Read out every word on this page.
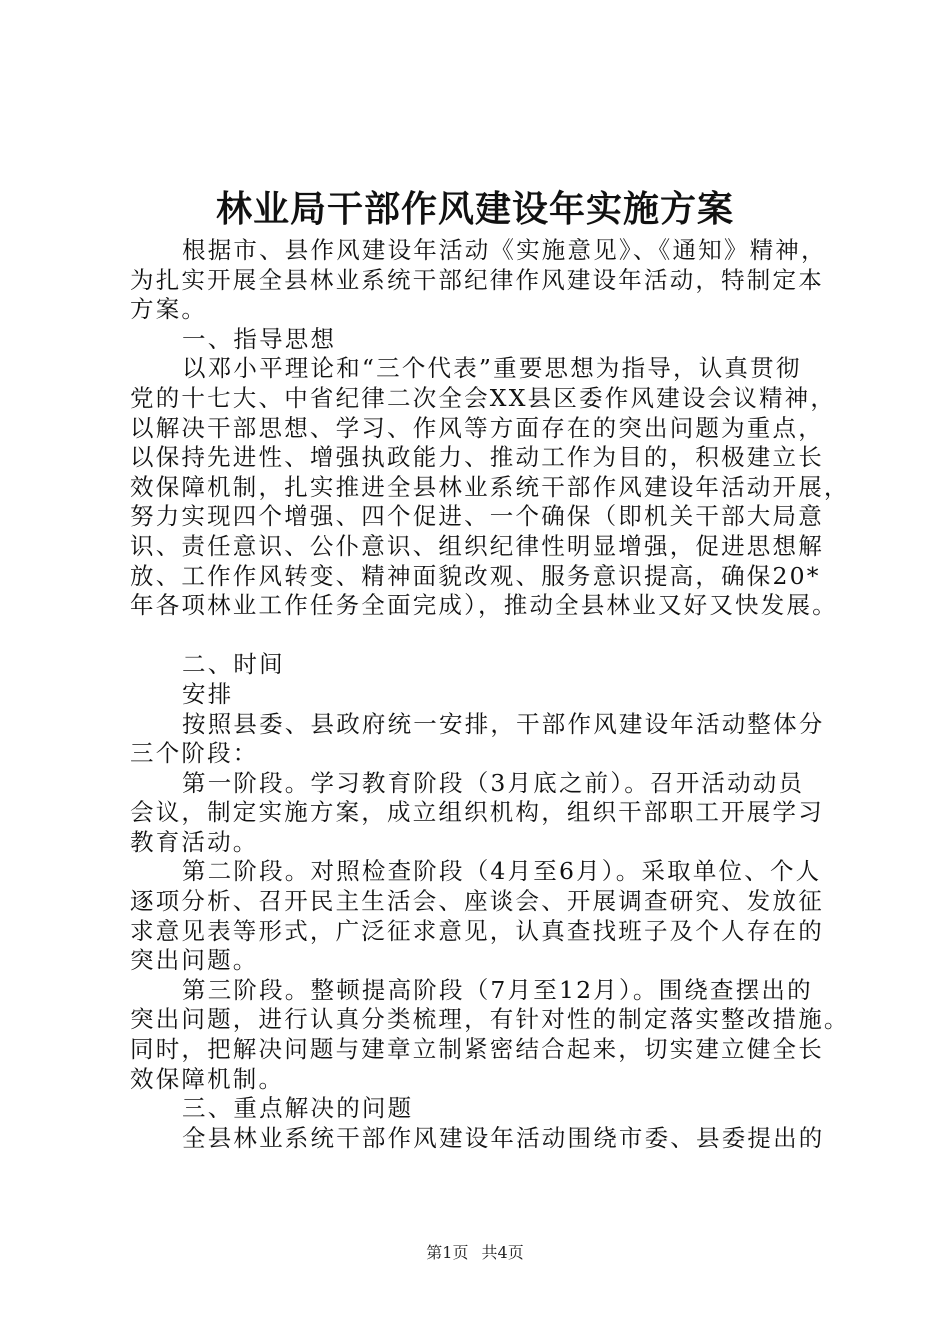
林业局干部作风建设年实施方案
根据市、县作风建设年活动《实施意见》、《通知》精神，
为扎实开展全县林业系统干部纪律作风建设年活动，特制定本
方案。
一、指导思想
以邓小平理论和“三个代表”重要思想为指导，认真贯彻
党的十七大、中省纪律二次全会XX县区委作风建设会议精神，
以解决干部思想、学习、作风等方面存在的突出问题为重点，
以保持先进性、增强执政能力、推动工作为目的，积极建立长
效保障机制，扎实推进全县林业系统干部作风建设年活动开展，
努力实现四个增强、四个促进、一个确保（即机关干部大局意
识、责任意识、公仆意识、组织纪律性明显增强，促进思想解
放、工作作风转变、精神面貌改观、服务意识提高，确保20*
年各项林业工作任务全面完成），推动全县林业又好又快发展。
二、时间
安排
按照县委、县政府统一安排，干部作风建设年活动整体分
三个阶段：
第一阶段。学习教育阶段（3月底之前）。召开活动动员
会议，制定实施方案，成立组织机构，组织干部职工开展学习
教育活动。
第二阶段。对照检查阶段（4月至6月）。采取单位、个人
逐项分析、召开民主生活会、座谈会、开展调查研究、发放征
求意见表等形式，广泛征求意见，认真查找班子及个人存在的
突出问题。
第三阶段。整顿提高阶段（7月至12月）。围绕查摆出的
突出问题，进行认真分类梳理，有针对性的制定落实整改措施。
同时，把解决问题与建章立制紧密结合起来，切实建立健全长
效保障机制。
三、重点解决的问题
全县林业系统干部作风建设年活动围绕市委、县委提出的
第1页 共4页
